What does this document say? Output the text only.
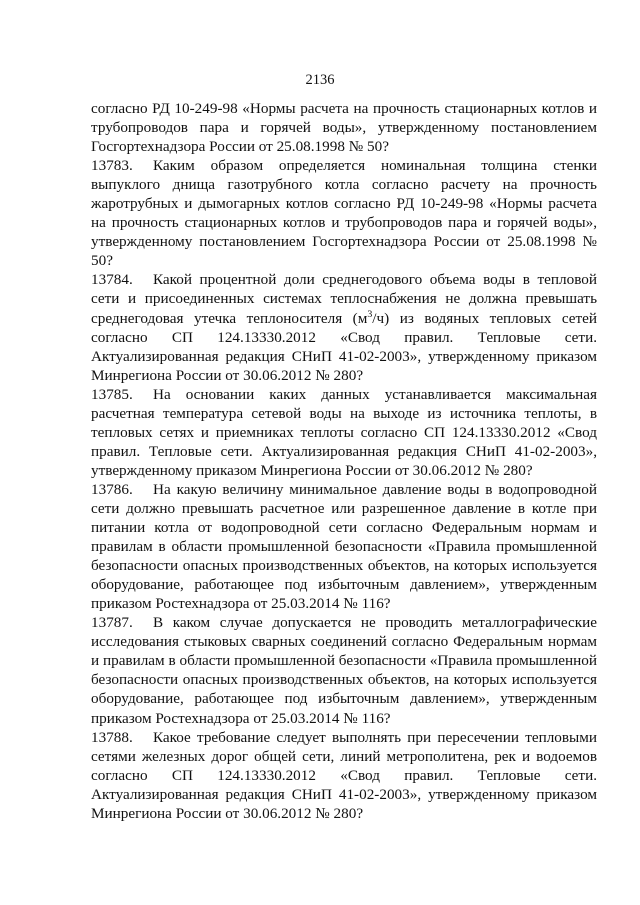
2136

согласно РД 10-249-98 «Нормы расчета на прочность стационарных котлов и трубопроводов пара и горячей воды», утвержденному постановлением Госгортехнадзора России от 25.08.1998 № 50?

13783. Каким образом определяется номинальная толщина стенки выпуклого днища газотрубного котла согласно расчету на прочность жаротрубных и дымогарных котлов согласно РД 10-249-98 «Нормы расчета на прочность стационарных котлов и трубопроводов пара и горячей воды», утвержденному постановлением Госгортехнадзора России от 25.08.1998 № 50?

13784. Какой процентной доли среднегодового объема воды в тепловой сети и присоединенных системах теплоснабжения не должна превышать среднегодовая утечка теплоносителя $(м^3/ч)$ из водяных тепловых сетей согласно СП 124.13330.2012 «Свод правил. Тепловые сети. Актуализированная редакция СНиП 41-02-2003», утвержденному приказом Минрегиона России от 30.06.2012 № 280?

13785. На основании каких данных устанавливается максимальная расчетная температура сетевой воды на выходе из источника теплоты, в тепловых сетях и приемниках теплоты согласно СП 124.13330.2012 «Свод правил. Тепловые сети. Актуализированная редакция СНиП 41-02-2003», утвержденному приказом Минрегиона России от 30.06.2012 № 280?

13786. На какую величину минимальное давление воды в водопроводной сети должно превышать расчетное или разрешенное давление в котле при питании котла от водопроводной сети согласно Федеральным нормам и правилам в области промышленной безопасности «Правила промышленной безопасности опасных производственных объектов, на которых используется оборудование, работающее под избыточным давлением», утвержденным приказом Ростехнадзора от 25.03.2014 № 116?

13787. В каком случае допускается не проводить металлографические исследования стыковых сварных соединений согласно Федеральным нормам и правилам в области промышленной безопасности «Правила промышленной безопасности опасных производственных объектов, на которых используется оборудование, работающее под избыточным давлением», утвержденным приказом Ростехнадзора от 25.03.2014 № 116?

13788. Какое требование следует выполнять при пересечении тепловыми сетями железных дорог общей сети, линий метрополитена, рек и водоемов согласно СП 124.13330.2012 «Свод правил. Тепловые сети. Актуализированная редакция СНиП 41-02-2003», утвержденному приказом Минрегиона России от 30.06.2012 № 280?
